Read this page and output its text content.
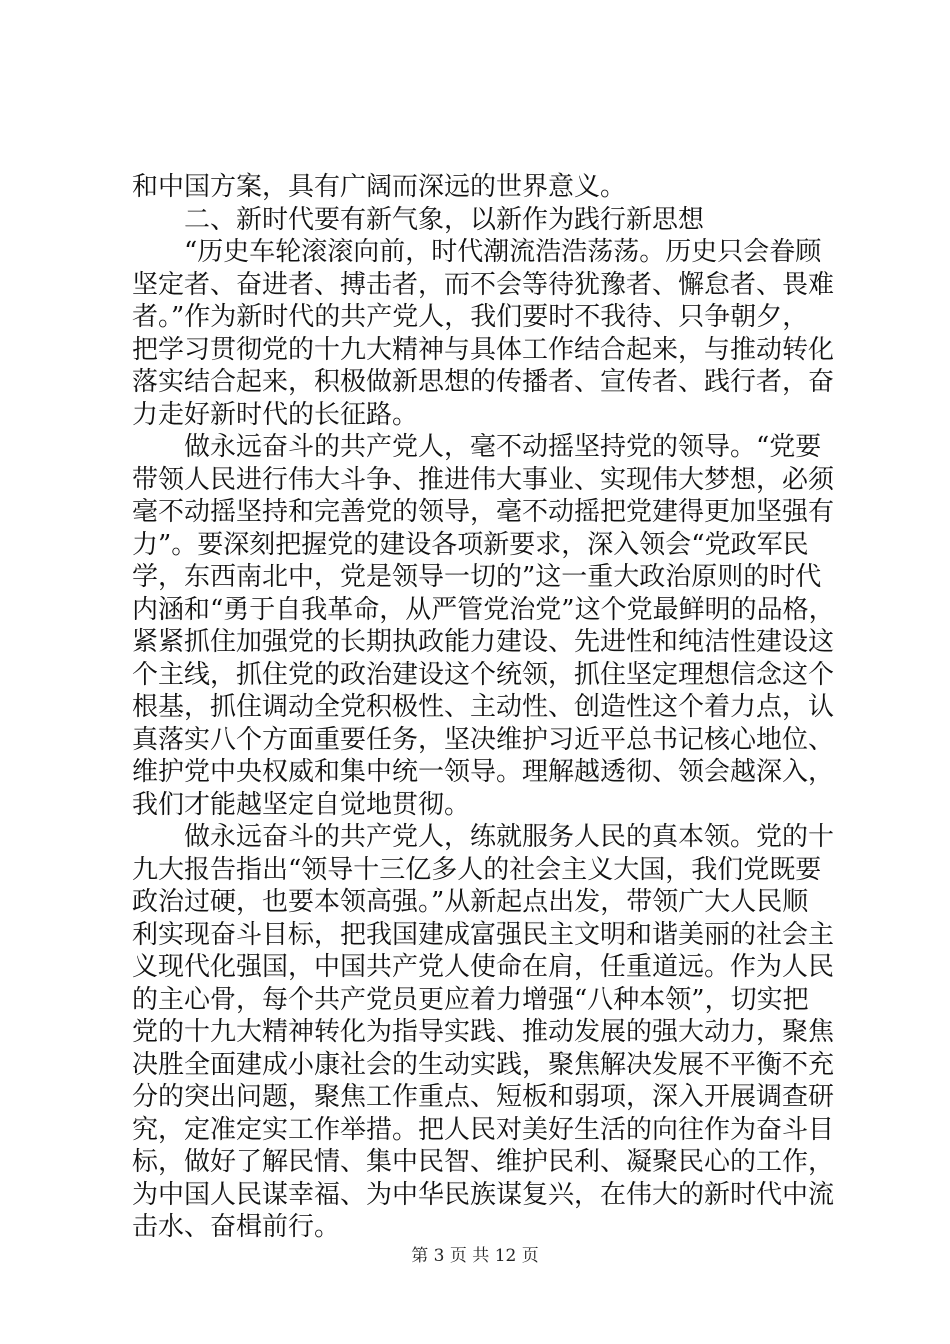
和中国方案，具有广阔而深远的世界意义。
　　二、新时代要有新气象，以新作为践行新思想
　　“历史车轮滚滚向前，时代潮流浩浩荡荡。历史只会眷顾
坚定者、奋进者、搏击者，而不会等待犹豫者、懈怠者、畏难
者。”作为新时代的共产党人，我们要时不我待、只争朝夕，
把学习贯彻党的十九大精神与具体工作结合起来，与推动转化
落实结合起来，积极做新思想的传播者、宣传者、践行者，奋
力走好新时代的长征路。
　　做永远奋斗的共产党人，毫不动摇坚持党的领导。“党要
带领人民进行伟大斗争、推进伟大事业、实现伟大梦想，必须
毫不动摇坚持和完善党的领导，毫不动摇把党建得更加坚强有
力”。要深刻把握党的建设各项新要求，深入领会“党政军民
学，东西南北中，党是领导一切的”这一重大政治原则的时代
内涵和“勇于自我革命，从严管党治党”这个党最鲜明的品格，
紧紧抓住加强党的长期执政能力建设、先进性和纯洁性建设这
个主线，抓住党的政治建设这个统领，抓住坚定理想信念这个
根基，抓住调动全党积极性、主动性、创造性这个着力点，认
真落实八个方面重要任务，坚决维护习近平总书记核心地位、
维护党中央权威和集中统一领导。理解越透彻、领会越深入，
我们才能越坚定自觉地贯彻。
　　做永远奋斗的共产党人，练就服务人民的真本领。党的十
九大报告指出“领导十三亿多人的社会主义大国，我们党既要
政治过硬，也要本领高强。”从新起点出发，带领广大人民顺
利实现奋斗目标，把我国建成富强民主文明和谐美丽的社会主
义现代化强国，中国共产党人使命在肩，任重道远。作为人民
的主心骨，每个共产党员更应着力增强“八种本领”，切实把
党的十九大精神转化为指导实践、推动发展的强大动力，聚焦
决胜全面建成小康社会的生动实践，聚焦解决发展不平衡不充
分的突出问题，聚焦工作重点、短板和弱项，深入开展调查研
究，定准定实工作举措。把人民对美好生活的向往作为奋斗目
标，做好了解民情、集中民智、维护民利、凝聚民心的工作，
为中国人民谋幸福、为中华民族谋复兴，在伟大的新时代中流
击水、奋楫前行。
第 3 页 共 12 页
